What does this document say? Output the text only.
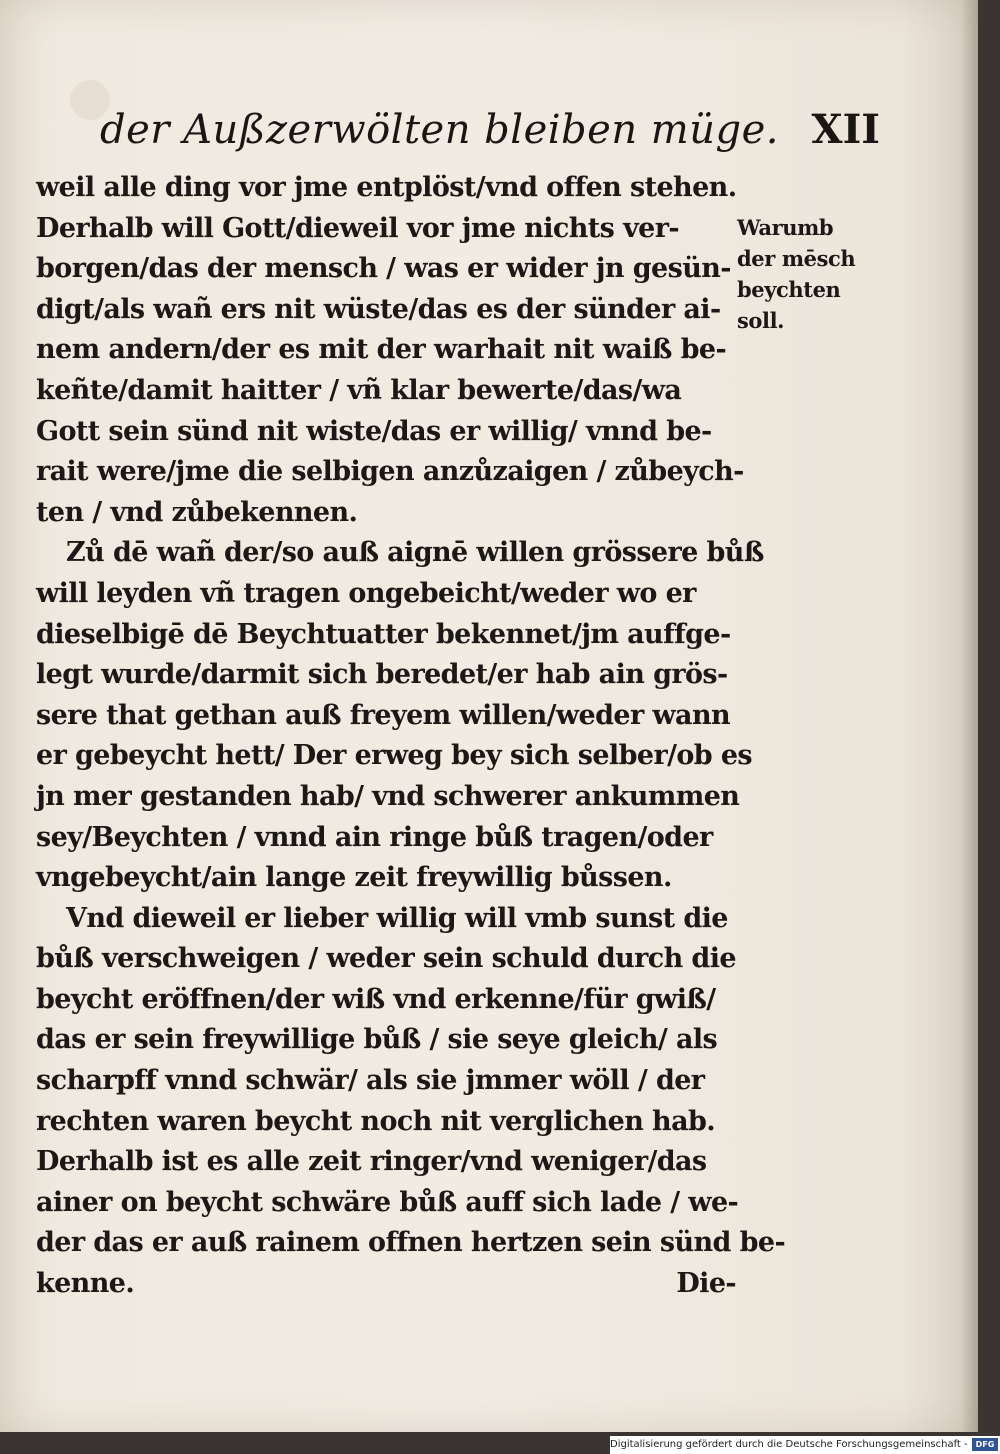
der Außzerwölten bleiben müge. XII
weil alle ding vor jme entplöst/vnd offen stehen.
Derhalb will Gott/dieweil vor jme nichts ver-
borgen/das der mensch / was er wider jn gesün-
digt/als wañ ers nit wüste/das es der sünder ai-
nem andern/der es mit der warhait nit waiß be-
keñte/damit haitter / vñ klar bewerte/das/wa
Gott sein sünd nit wiste/das er willig/ vnnd be-
rait were/jme die selbigen anzůzaigen / zůbeych-
ten / vnd zůbekennen.
Zů dē wañ der/so auß aignē willen grössere bůß
will leyden vñ tragen ongebeicht/weder wo er
dieselbigē dē Beychtuatter bekennet/jm auffge-
legt wurde/darmit sich beredet/er hab ain grös-
sere that gethan auß freyem willen/weder wann
er gebeycht hett/ Der erweg bey sich selber/ob es
jn mer gestanden hab/ vnd schwerer ankummen
sey/Beychten / vnnd ain ringe bůß tragen/oder
vngebeycht/ain lange zeit freywillig bůssen.
Vnd dieweil er lieber willig will vmb sunst die
bůß verschweigen / weder sein schuld durch die
beycht eröffnen/der wiß vnd erkenne/für gwiß/
das er sein freywillige bůß / sie seye gleich/ als
scharpff vnnd schwär/ als sie jmmer wöll / der
rechten waren beycht noch nit verglichen hab.
Derhalb ist es alle zeit ringer/vnd weniger/das
ainer on beycht schwäre bůß auff sich lade / we-
der das er auß rainem offnen hertzen sein sünd be-
kenne.	Die-
Warumb
der mēsch
beychten
soll.
Digitalisierung gefördert durch die Deutsche Forschungsgemeinschaft -	DFG
